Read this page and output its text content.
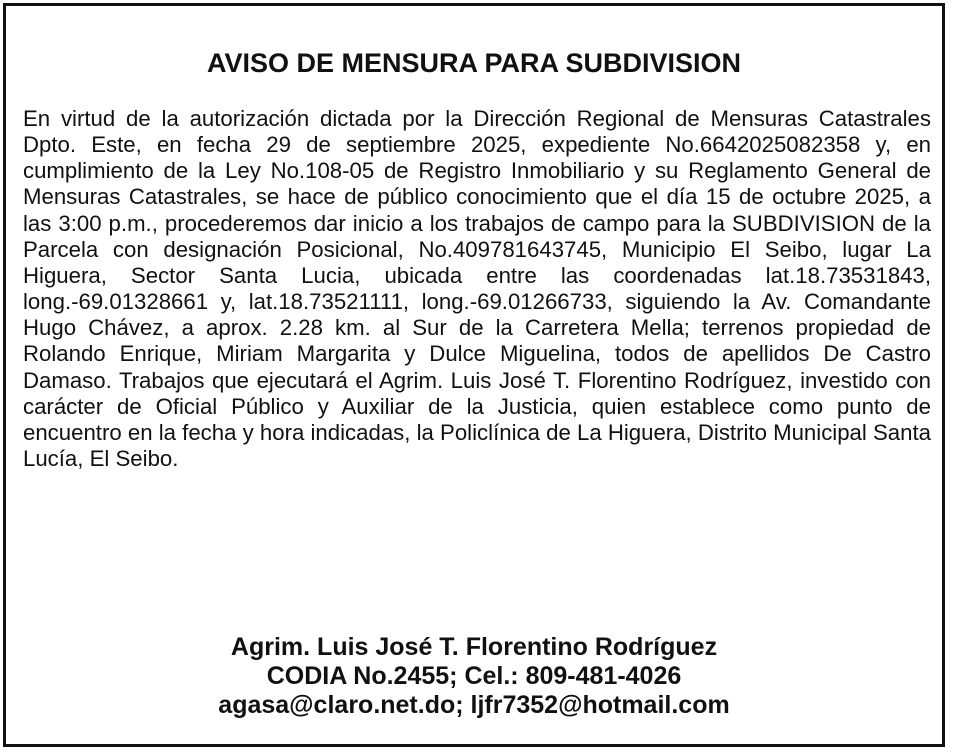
AVISO DE MENSURA PARA SUBDIVISION

En virtud de la autorización dictada por la Dirección Regional de Mensuras Catastrales Dpto. Este, en fecha 29 de septiembre 2025, expediente No.6642025082358 y, en cumplimiento de la Ley No.108-05 de Registro Inmobiliario y su Reglamento General de Mensuras Catastrales, se hace de público conocimiento que el día 15 de octubre 2025, a las 3:00 p.m., procederemos dar inicio a los trabajos de campo para la SUBDIVISION de la Parcela con designación Posicional, No.409781643745, Municipio El Seibo, lugar La Higuera, Sector Santa Lucia, ubicada entre las coordenadas lat.18.73531843, long.-69.01328661 y, lat.18.73521111, long.-69.01266733, siguiendo la Av. Comandante Hugo Chávez, a aprox. 2.28 km. al Sur de la Carretera Mella; terrenos propiedad de Rolando Enrique, Miriam Margarita y Dulce Miguelina, todos de apellidos De Castro Damaso. Trabajos que ejecutará el Agrim. Luis José T. Florentino Rodríguez, investido con carácter de Oficial Público y Auxiliar de la Justicia, quien establece como punto de encuentro en la fecha y hora indicadas, la Policlínica de La Higuera, Distrito Municipal Santa Lucía, El Seibo.

Agrim. Luis José T. Florentino Rodríguez
CODIA No.2455; Cel.: 809-481-4026
agasa@claro.net.do; ljfr7352@hotmail.com
